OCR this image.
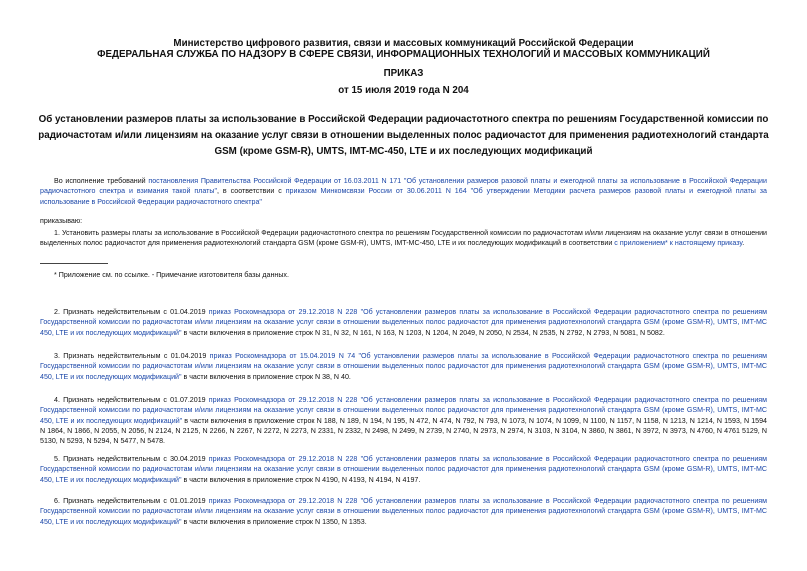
Министерство цифрового развития, связи и массовых коммуникаций Российской Федерации

ФЕДЕРАЛЬНАЯ СЛУЖБА ПО НАДЗОРУ В СФЕРЕ СВЯЗИ, ИНФОРМАЦИОННЫХ ТЕХНОЛОГИЙ И МАССОВЫХ КОММУНИКАЦИЙ

ПРИКАЗ

от 15 июля 2019 года N 204

Об установлении размеров платы за использование в Российской Федерации радиочастотного спектра по решениям Государственной комиссии по радиочастотам и/или лицензиям на оказание услуг связи в отношении выделенных полос радиочастот для применения радиотехнологий стандарта GSM (кроме GSM-R), UMTS, IMT-MC-450, LTE и их последующих модификаций

Во исполнение требований постановления Правительства Российской Федерации от 16.03.2011 N 171 "Об установлении размеров разовой платы и ежегодной платы за использование в Российской Федерации радиочастотного спектра и взимания такой платы", в соответствии с приказом Минкомсвязи России от 30.06.2011 N 164 "Об утверждении Методики расчета размеров разовой платы и ежегодной платы за использование в Российской Федерации радиочастотного спектра"

приказываю:

1. Установить размеры платы за использование в Российской Федерации радиочастотного спектра по решениям Государственной комиссии по радиочастотам и/или лицензиям на оказание услуг связи в отношении выделенных полос радиочастот для применения радиотехнологий стандарта GSM (кроме GSM-R), UMTS, IMT-MC-450, LTE и их последующих модификаций в соответствии с приложением* к настоящему приказу.

* Приложение см. по ссылке. - Примечание изготовителя базы данных.

2. Признать недействительным с 01.04.2019 приказ Роскомнадзора от 29.12.2018 N 228 "Об установлении размеров платы за использование в Российской Федерации радиочастотного спектра по решениям Государственной комиссии по радиочастотам и/или лицензиям на оказание услуг связи в отношении выделенных полос радиочастот для применения радиотехнологий стандарта GSM (кроме GSM-R), UMTS, IMT-MC 450, LTE и их последующих модификаций" в части включения в приложение строк N 31, N 32, N 161, N 163, N 1203, N 1204, N 2049, N 2050, N 2534, N 2535, N 2792, N 2793, N 5081, N 5082.

3. Признать недействительным с 01.04.2019 приказ Роскомнадзора от 15.04.2019 N 74 "Об установлении размеров платы за использование в Российской Федерации радиочастотного спектра по решениям Государственной комиссии по радиочастотам и/или лицензиям на оказание услуг связи в отношении выделенных полос радиочастот для применения радиотехнологий стандарта GSM (кроме GSM-R), UMTS, IMT-MC 450, LTE и их последующих модификаций" в части включения в приложение строк N 38, N 40.

4. Признать недействительным с 01.07.2019 приказ Роскомнадзора от 29.12.2018 N 228 "Об установлении размеров платы за использование в Российской Федерации радиочастотного спектра по решениям Государственной комиссии по радиочастотам и/или лицензиям на оказание услуг связи в отношении выделенных полос радиочастот для применения радиотехнологий стандарта GSM (кроме GSM-R), UMTS, IMT-MC 450, LTE и их последующих модификаций" в части включения в приложение строк N 188, N 189, N 194, N 195, N 472, N 474, N 792, N 793, N 1073, N 1074, N 1099, N 1100, N 1157, N 1158, N 1213, N 1214, N 1593, N 1594 N 1864, N 1866, N 2055, N 2056, N 2124, N 2125, N 2266, N 2267, N 2272, N 2273, N 2331, N 2332, N 2498, N 2499, N 2739, N 2740, N 2973, N 2974, N 3103, N 3104, N 3860, N 3861, N 3972, N 3973, N 4760, N 4761 5129, N 5130, N 5293, N 5294, N 5477, N 5478.

5. Признать недействительным с 30.04.2019 приказ Роскомнадзора от 29.12.2018 N 228 "Об установлении размеров платы за использование в Российской Федерации радиочастотного спектра по решениям Государственной комиссии по радиочастотам и/или лицензиям на оказание услуг связи в отношении выделенных полос радиочастот для применения радиотехнологий стандарта GSM (кроме GSM-R), UMTS, IMT-MC 450, LTE и их последующих модификаций" в части включения в приложение строк N 4190, N 4193, N 4194, N 4197.

6. Признать недействительным с 01.01.2019 приказ Роскомнадзора от 29.12.2018 N 228 "Об установлении размеров платы за использование в Российской Федерации радиочастотного спектра по решениям Государственной комиссии по радиочастотам и/или лицензиям на оказание услуг связи в отношении выделенных полос радиочастот для применения радиотехнологий стандарта GSM (кроме GSM-R), UMTS, IMT-MC 450, LTE и их последующих модификаций" в части включения в приложение строк N 1350, N 1353.
